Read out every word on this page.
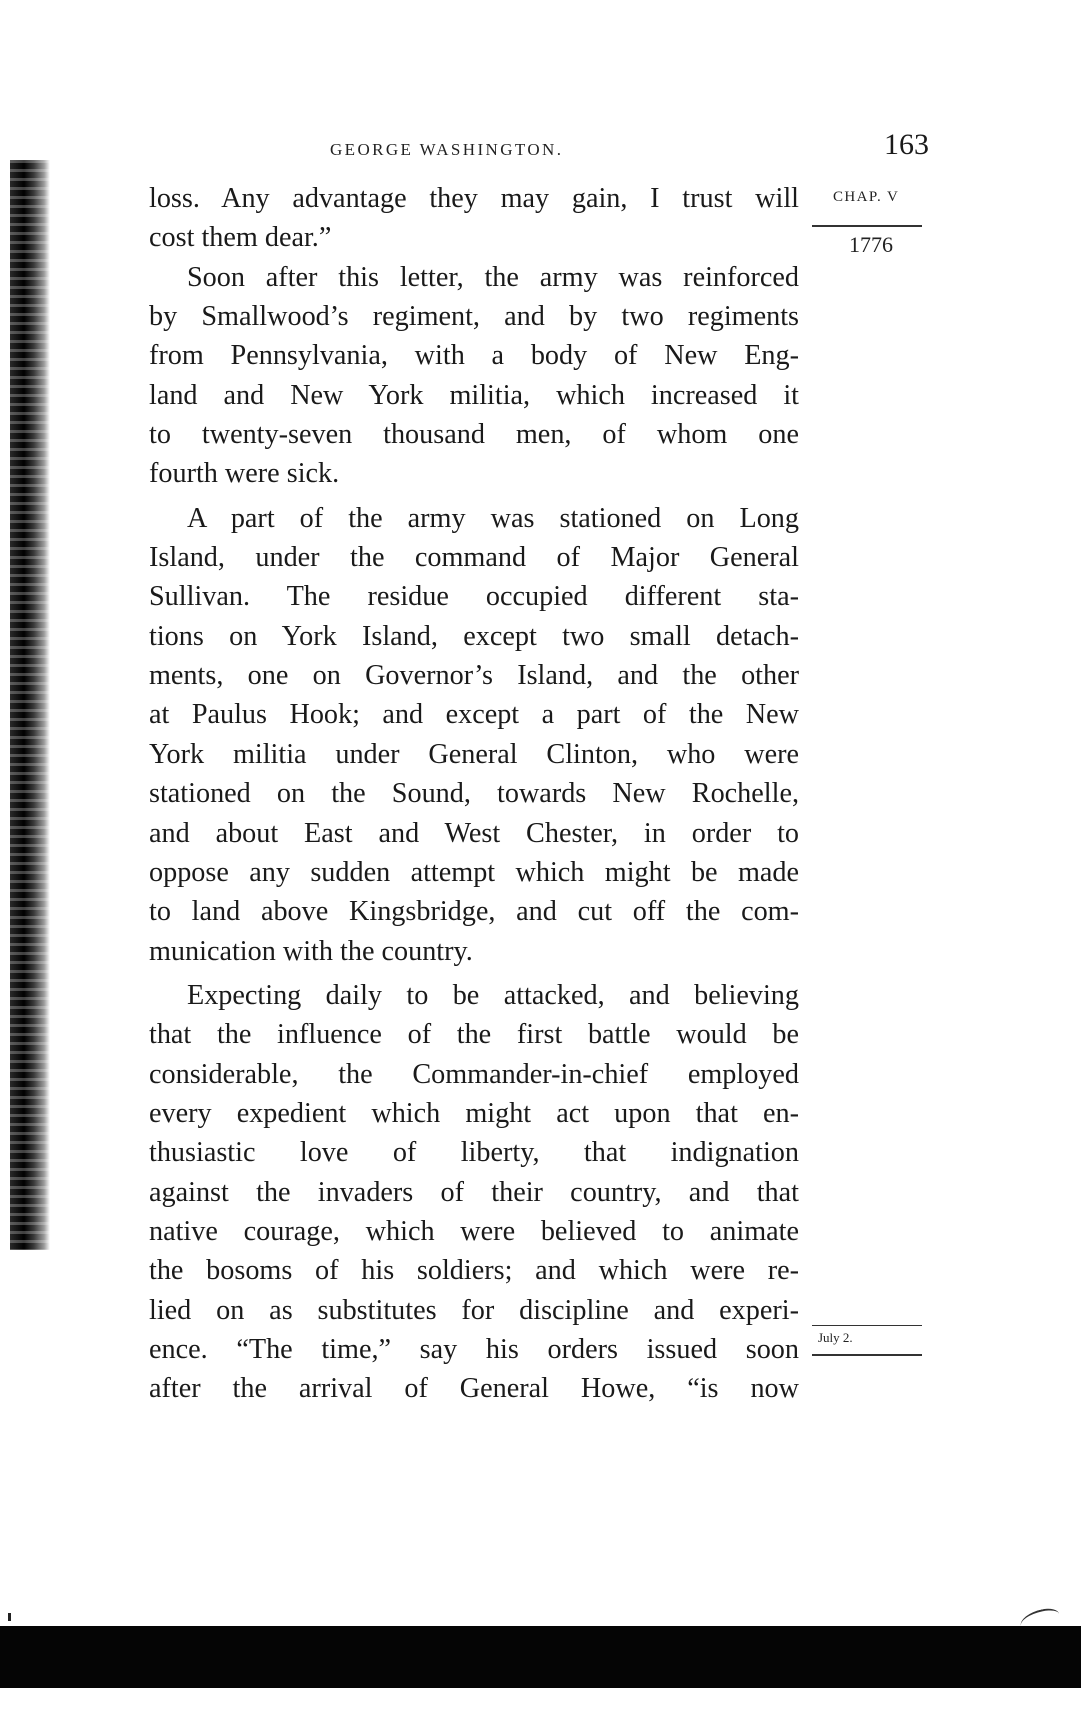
GEORGE WASHINGTON.	163
CHAP. V
1776
July 2.
loss. Any advantage they may gain, I trust will
cost them dear.”
Soon after this letter, the army was reinforced
by Smallwood’s regiment, and by two regiments
from Pennsylvania, with a body of New Eng-
land and New York militia, which increased it
to twenty-seven thousand men, of whom one
fourth were sick.
A part of the army was stationed on Long
Island, under the command of Major General
Sullivan. The residue occupied different sta-
tions on York Island, except two small detach-
ments, one on Governor’s Island, and the other
at Paulus Hook; and except a part of the New
York militia under General Clinton, who were
stationed on the Sound, towards New Rochelle,
and about East and West Chester, in order to
oppose any sudden attempt which might be made
to land above Kingsbridge, and cut off the com-
munication with the country.
Expecting daily to be attacked, and believing
that the influence of the first battle would be
considerable, the Commander-in-chief employed
every expedient which might act upon that en-
thusiastic love of liberty, that indignation
against the invaders of their country, and that
native courage, which were believed to animate
the bosoms of his soldiers; and which were re-
lied on as substitutes for discipline and experi-
ence. “The time,” say his orders issued soon
after the arrival of General Howe, “is now
